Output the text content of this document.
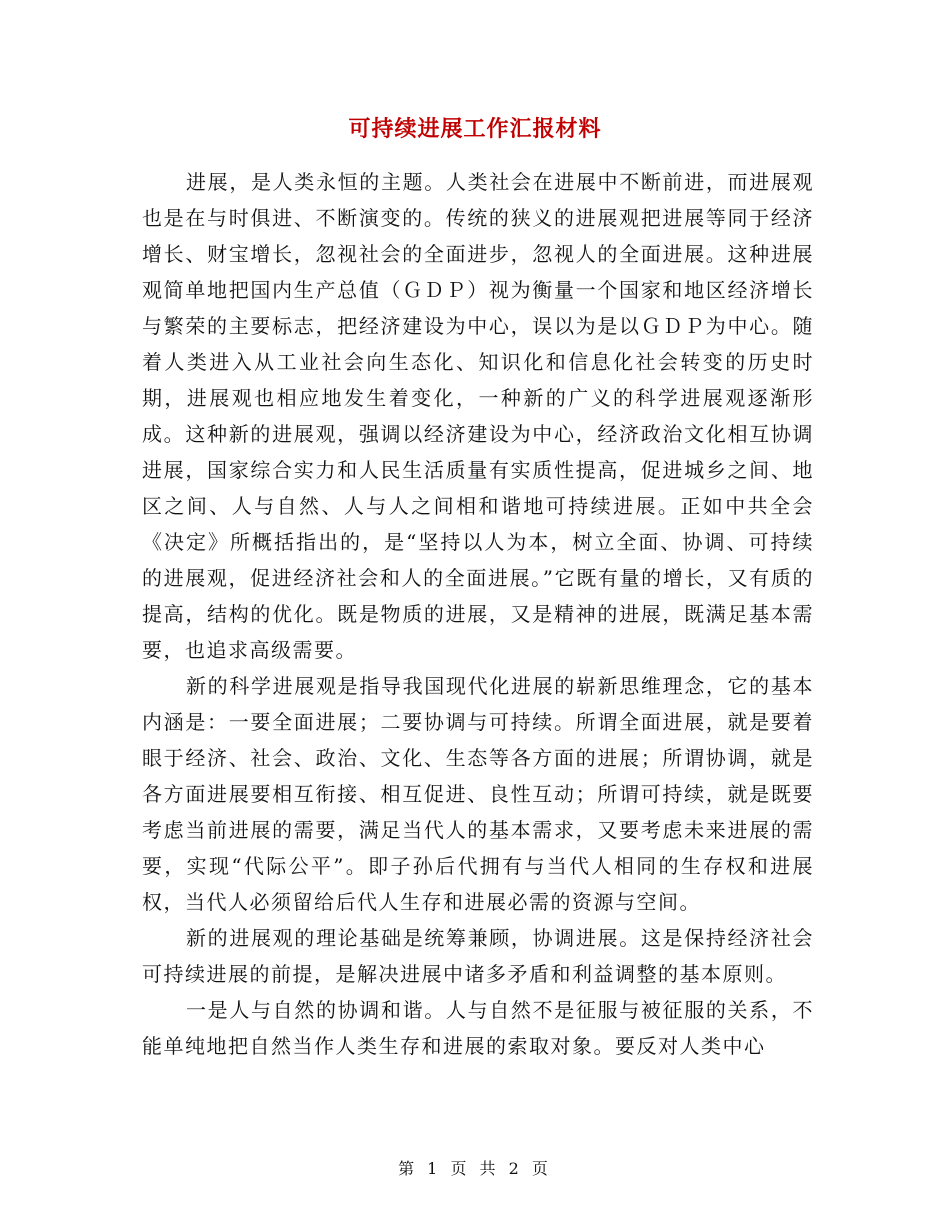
可持续进展工作汇报材料

进展，是人类永恒的主题。人类社会在进展中不断前进，而进展观也是在与时俱进、不断演变的。传统的狭义的进展观把进展等同于经济增长、财宝增长，忽视社会的全面进步，忽视人的全面进展。这种进展观简单地把国内生产总值（ＧＤＰ）视为衡量一个国家和地区经济增长与繁荣的主要标志，把经济建设为中心，误以为是以ＧＤＰ为中心。随着人类进入从工业社会向生态化、知识化和信息化社会转变的历史时期，进展观也相应地发生着变化，一种新的广义的科学进展观逐渐形成。这种新的进展观，强调以经济建设为中心，经济政治文化相互协调进展，国家综合实力和人民生活质量有实质性提高，促进城乡之间、地区之间、人与自然、人与人之间相和谐地可持续进展。正如中共全会《决定》所概括指出的，是“坚持以人为本，树立全面、协调、可持续的进展观，促进经济社会和人的全面进展。”它既有量的增长，又有质的提高，结构的优化。既是物质的进展，又是精神的进展，既满足基本需要，也追求高级需要。

新的科学进展观是指导我国现代化进展的崭新思维理念，它的基本内涵是：一要全面进展；二要协调与可持续。所谓全面进展，就是要着眼于经济、社会、政治、文化、生态等各方面的进展；所谓协调，就是各方面进展要相互衔接、相互促进、良性互动；所谓可持续，就是既要考虑当前进展的需要，满足当代人的基本需求，又要考虑未来进展的需要，实现“代际公平”。即子孙后代拥有与当代人相同的生存权和进展权，当代人必须留给后代人生存和进展必需的资源与空间。

新的进展观的理论基础是统筹兼顾，协调进展。这是保持经济社会可持续进展的前提，是解决进展中诸多矛盾和利益调整的基本原则。

一是人与自然的协调和谐。人与自然不是征服与被征服的关系，不能单纯地把自然当作人类生存和进展的索取对象。要反对人类中心

第 1 页 共 2 页
